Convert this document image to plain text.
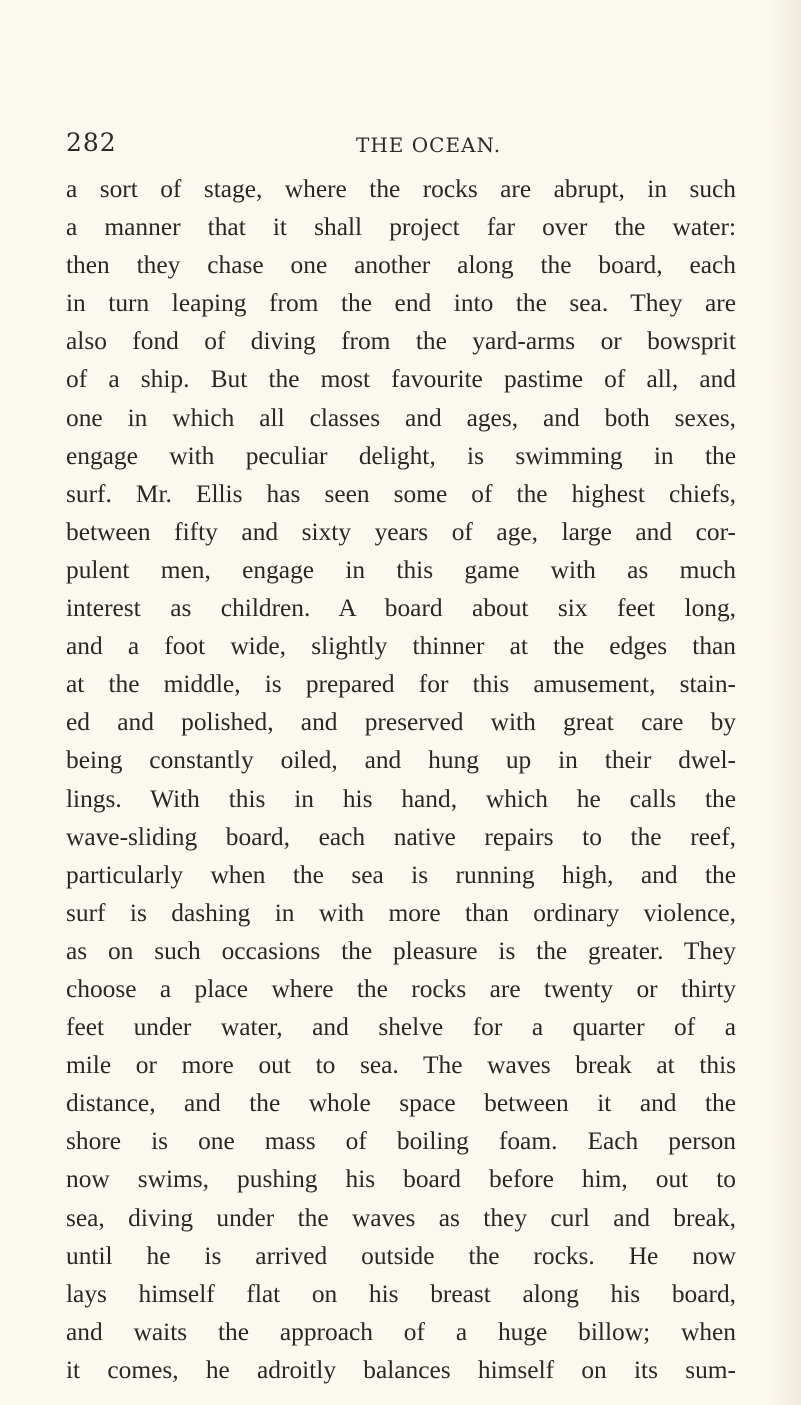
282	THE OCEAN.
a sort of stage, where the rocks are abrupt, in such
a manner that it shall project far over the water:
then they chase one another along the board, each
in turn leaping from the end into the sea. They are
also fond of diving from the yard-arms or bowsprit
of a ship. But the most favourite pastime of all, and
one in which all classes and ages, and both sexes,
engage with peculiar delight, is swimming in the
surf. Mr. Ellis has seen some of the highest chiefs,
between fifty and sixty years of age, large and cor-
pulent men, engage in this game with as much
interest as children. A board about six feet long,
and a foot wide, slightly thinner at the edges than
at the middle, is prepared for this amusement, stain-
ed and polished, and preserved with great care by
being constantly oiled, and hung up in their dwel-
lings. With this in his hand, which he calls the
wave-sliding board, each native repairs to the reef,
particularly when the sea is running high, and the
surf is dashing in with more than ordinary violence,
as on such occasions the pleasure is the greater. They
choose a place where the rocks are twenty or thirty
feet under water, and shelve for a quarter of a
mile or more out to sea. The waves break at this
distance, and the whole space between it and the
shore is one mass of boiling foam. Each person
now swims, pushing his board before him, out to
sea, diving under the waves as they curl and break,
until he is arrived outside the rocks. He now
lays himself flat on his breast along his board,
and waits the approach of a huge billow; when
it comes, he adroitly balances himself on its sum-
